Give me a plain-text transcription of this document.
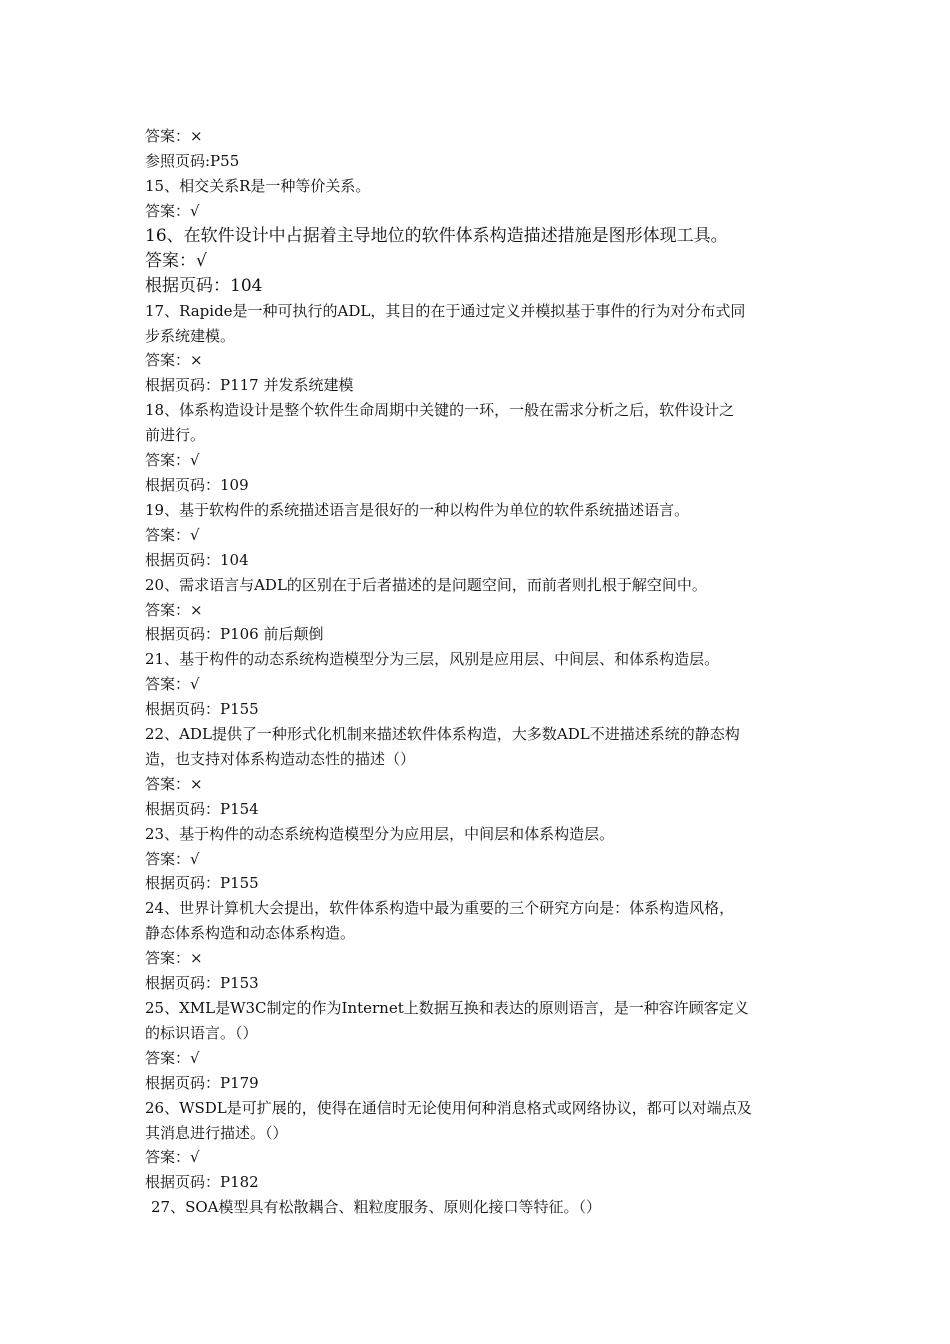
答案：×
参照页码:P55
15、相交关系R是一种等价关系。
答案：√
16、在软件设计中占据着主导地位的软件体系构造描述措施是图形体现工具。
答案：√
根据页码：104
17、Rapide是一种可执行的ADL，其目的在于通过定义并模拟基于事件的行为对分布式同
步系统建模。
答案：×
根据页码：P117 并发系统建模
18、体系构造设计是整个软件生命周期中关键的一环，一般在需求分析之后，软件设计之
前进行。
答案：√
根据页码：109
19、基于软构件的系统描述语言是很好的一种以构件为单位的软件系统描述语言。
答案：√
根据页码：104
20、需求语言与ADL的区别在于后者描述的是问题空间，而前者则扎根于解空间中。
答案：×
根据页码：P106 前后颠倒
21、基于构件的动态系统构造模型分为三层，风别是应用层、中间层、和体系构造层。
答案：√
根据页码：P155
22、ADL提供了一种形式化机制来描述软件体系构造，大多数ADL不进描述系统的静态构
造，也支持对体系构造动态性的描述（）
答案：×
根据页码：P154
23、基于构件的动态系统构造模型分为应用层，中间层和体系构造层。
答案：√
根据页码：P155
24、世界计算机大会提出，软件体系构造中最为重要的三个研究方向是：体系构造风格，
静态体系构造和动态体系构造。
答案：×
根据页码：P153
25、XML是W3C制定的作为Internet上数据互换和表达的原则语言，是一种容许顾客定义
的标识语言。（）
答案：√
根据页码：P179
26、WSDL是可扩展的，使得在通信时无论使用何种消息格式或网络协议，都可以对端点及
其消息进行描述。（）
答案：√
根据页码：P182
27、SOA模型具有松散耦合、粗粒度服务、原则化接口等特征。（）
